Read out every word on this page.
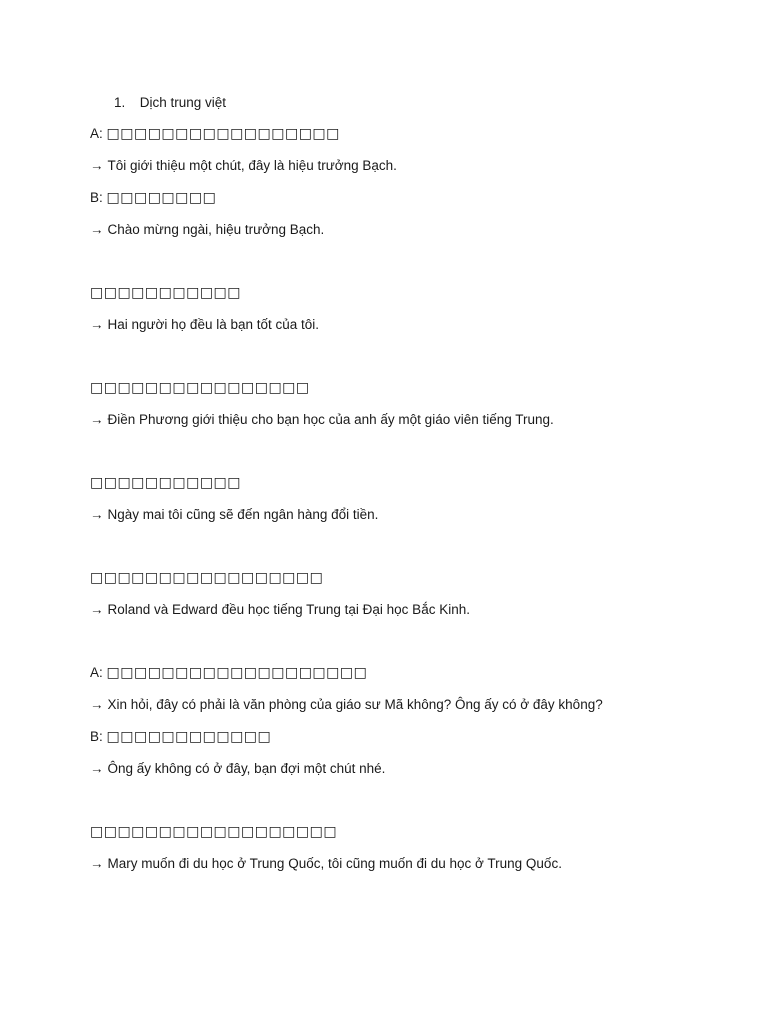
1. Dịch trung việt
A: □□□□□□□□□□□□□□□□□
→ Tôi giới thiệu một chút, đây là hiệu trưởng Bạch.
B: □□□□□□□□
→ Chào mừng ngài, hiệu trưởng Bạch.
□□□□□□□□□□□
→ Hai người họ đều là bạn tốt của tôi.
□□□□□□□□□□□□□□□□
→ Điền Phương giới thiệu cho bạn học của anh ấy một giáo viên tiếng Trung.
□□□□□□□□□□□
→ Ngày mai tôi cũng sẽ đến ngân hàng đổi tiền.
□□□□□□□□□□□□□□□□□
→ Roland và Edward đều học tiếng Trung tại Đại học Bắc Kinh.
A: □□□□□□□□□□□□□□□□□□□
→ Xin hỏi, đây có phải là văn phòng của giáo sư Mã không? Ông ấy có ở đây không?
B: □□□□□□□□□□□□
→ Ông ấy không có ở đây, bạn đợi một chút nhé.
□□□□□□□□□□□□□□□□□□
→ Mary muốn đi du học ở Trung Quốc, tôi cũng muốn đi du học ở Trung Quốc.
